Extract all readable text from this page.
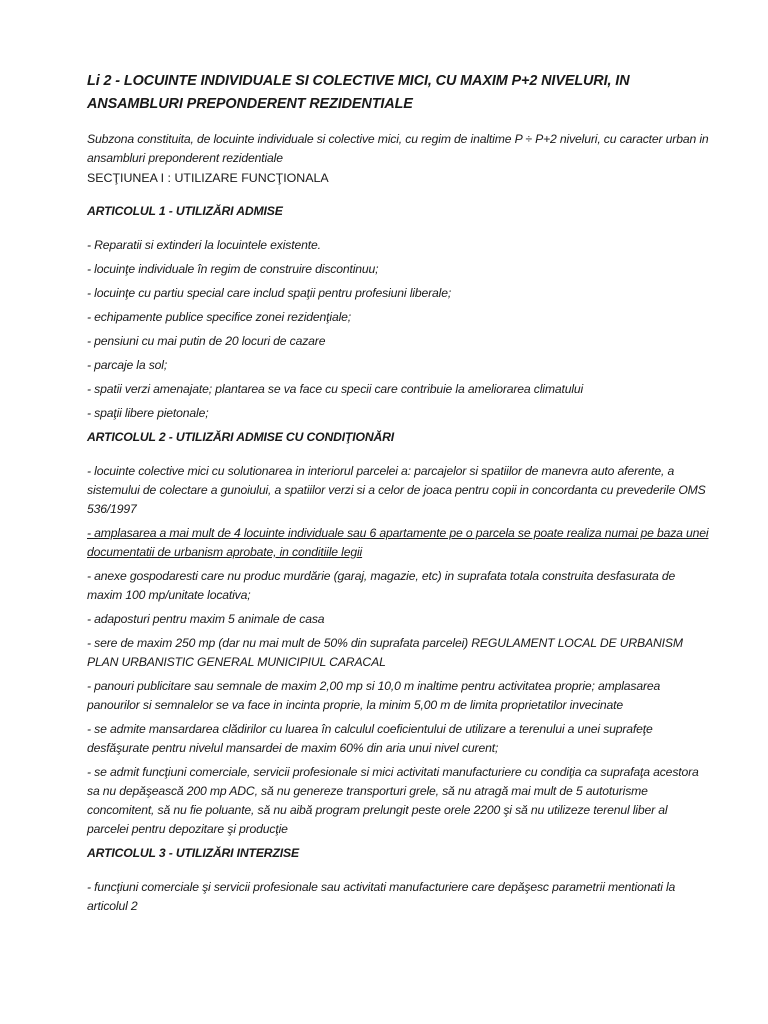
Li 2 - LOCUINTE INDIVIDUALE SI COLECTIVE MICI, CU MAXIM P+2 NIVELURI, IN ANSAMBLURI PREPONDERENT REZIDENTIALE
Subzona constituita, de locuinte individuale si colective mici, cu regim de inaltime P ÷ P+2 niveluri, cu caracter urban in ansambluri preponderent rezidentiale
SECŢIUNEA I : UTILIZARE FUNCŢIONALA
ARTICOLUL 1 - UTILIZĂRI ADMISE
- Reparatii si extinderi la locuintele existente.
- locuinţe individuale în regim de construire discontinuu;
- locuinţe cu partiu special care includ spaţii pentru profesiuni liberale;
- echipamente publice specifice zonei rezidenţiale;
- pensiuni cu mai putin de 20 locuri de cazare
- parcaje la sol;
- spatii verzi amenajate; plantarea se va face cu specii care contribuie la ameliorarea climatului
- spaţii libere pietonale;
ARTICOLUL 2 - UTILIZĂRI ADMISE CU CONDIŢIONĂRI
- locuinte colective mici cu solutionarea in interiorul parcelei a: parcajelor si spatiilor de manevra auto aferente, a sistemului de colectare a gunoiului, a spatiilor verzi si a celor de joaca pentru copii in concordanta cu prevederile OMS 536/1997
- amplasarea a mai mult de 4 locuinte individuale sau 6 apartamente pe o parcela se poate realiza numai pe baza unei documentatii de urbanism aprobate, in conditiile legii
- anexe gospodaresti care nu produc murdărie (garaj, magazie, etc) in suprafata totala construita desfasurata de maxim 100 mp/unitate locativa;
- adaposturi pentru maxim 5 animale de casa
- sere de maxim 250 mp (dar nu mai mult de 50% din suprafata parcelei) REGULAMENT LOCAL DE URBANISM PLAN URBANISTIC GENERAL MUNICIPIUL CARACAL
- panouri publicitare sau semnale de maxim 2,00 mp si 10,0 m inaltime pentru activitatea proprie; amplasarea panourilor si semnalelor se va face in incinta proprie, la minim 5,00 m de limita proprietatilor invecinate
- se admite mansardarea clădirilor cu luarea în calculul coeficientului de utilizare a terenului a unei suprafeţe desfăşurate pentru nivelul mansardei de maxim 60% din aria unui nivel curent;
- se admit funcţiuni comerciale, servicii profesionale si mici activitati manufacturiere cu condiţia ca suprafaţa acestora sa nu depăşească 200 mp ADC, să nu genereze transporturi grele, să nu atragă mai mult de 5 autoturisme concomitent, să nu fie poluante, să nu aibă program prelungit peste orele 2200 şi să nu utilizeze terenul liber al parcelei pentru depozitare şi producţie
ARTICOLUL 3 - UTILIZĂRI INTERZISE
- funcţiuni comerciale şi servicii profesionale sau activitati manufacturiere care depăşesc parametrii mentionati la articolul 2
